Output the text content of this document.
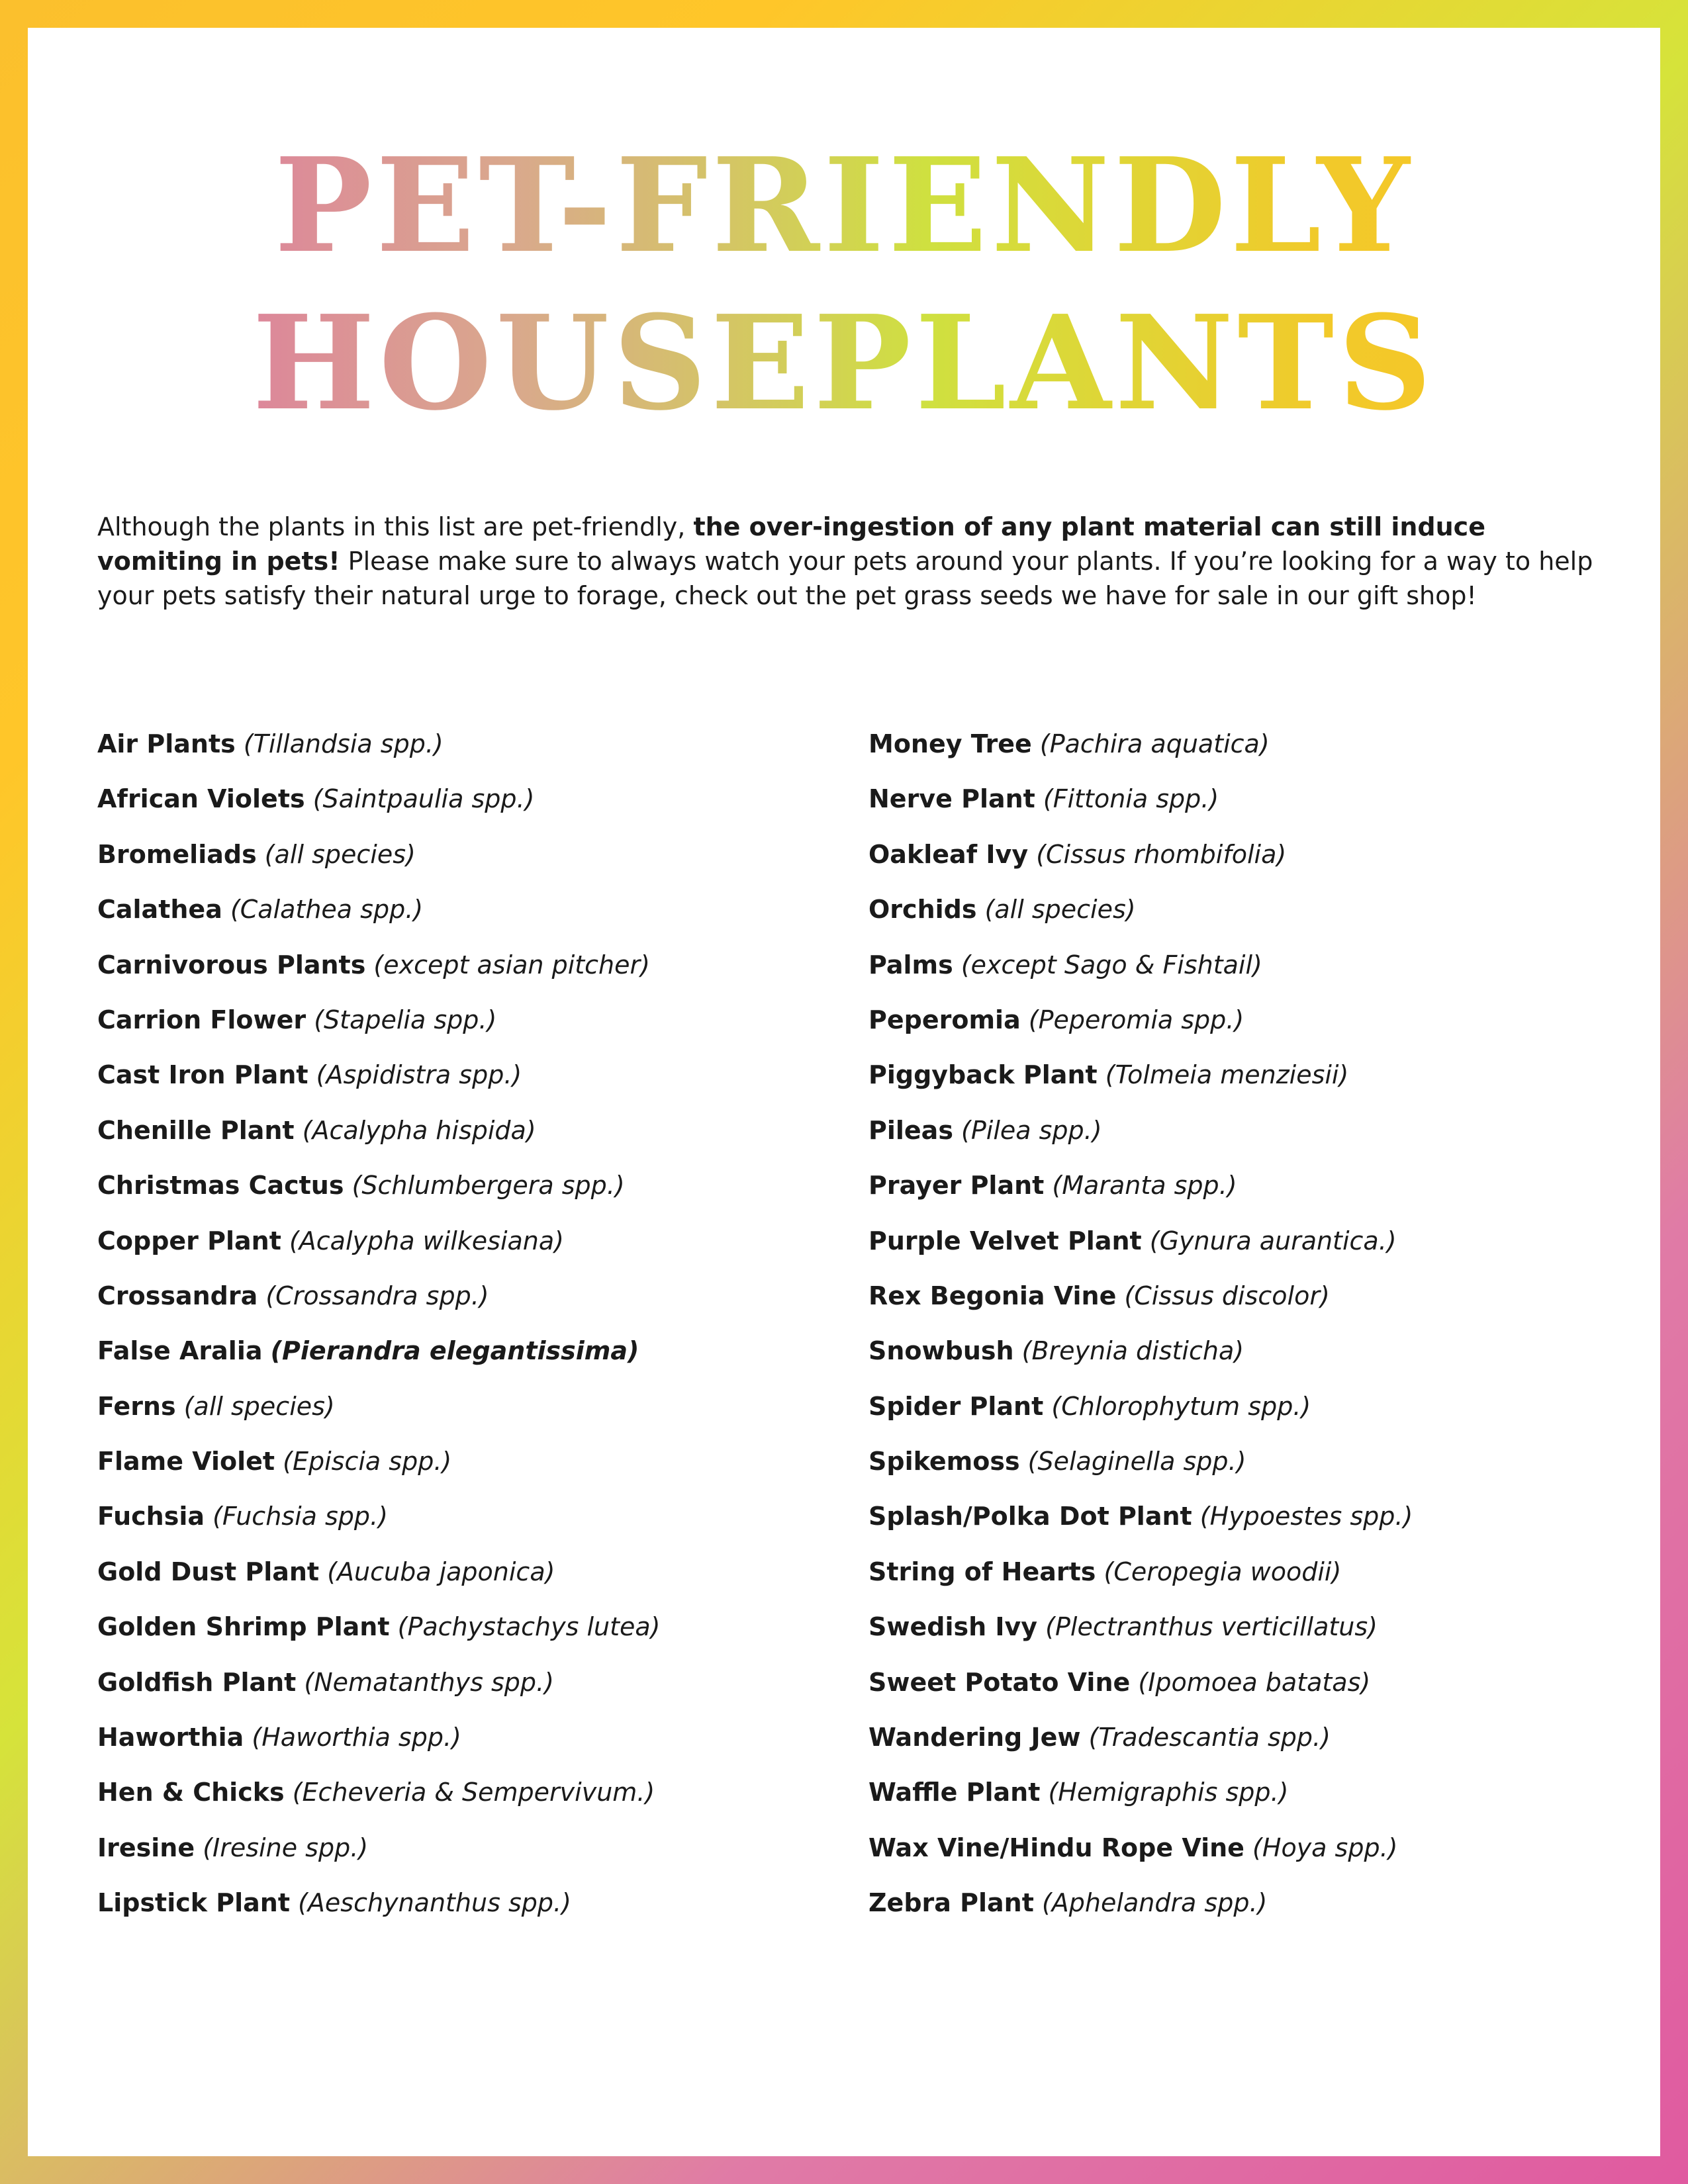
PET-FRIENDLY
HOUSEPLANTS

Although the plants in this list are pet-friendly, the over-ingestion of any plant material can still induce vomiting in pets! Please make sure to always watch your pets around your plants. If you’re looking for a way to help your pets satisfy their natural urge to forage, check out the pet grass seeds we have for sale in our gift shop!

Air Plants (Tillandsia spp.)
African Violets (Saintpaulia spp.)
Bromeliads (all species)
Calathea (Calathea spp.)
Carnivorous Plants (except asian pitcher)
Carrion Flower (Stapelia spp.)
Cast Iron Plant (Aspidistra spp.)
Chenille Plant (Acalypha hispida)
Christmas Cactus (Schlumbergera spp.)
Copper Plant (Acalypha wilkesiana)
Crossandra (Crossandra spp.)
False Aralia (Pierandra elegantissima)
Ferns (all species)
Flame Violet (Episcia spp.)
Fuchsia (Fuchsia spp.)
Gold Dust Plant (Aucuba japonica)
Golden Shrimp Plant (Pachystachys lutea)
Goldfish Plant (Nematanthys spp.)
Haworthia (Haworthia spp.)
Hen & Chicks (Echeveria & Sempervivum.)
Iresine (Iresine spp.)
Lipstick Plant (Aeschynanthus spp.)
Money Tree (Pachira aquatica)
Nerve Plant (Fittonia spp.)
Oakleaf Ivy (Cissus rhombifolia)
Orchids (all species)
Palms (except Sago & Fishtail)
Peperomia (Peperomia spp.)
Piggyback Plant (Tolmeia menziesii)
Pileas (Pilea spp.)
Prayer Plant (Maranta spp.)
Purple Velvet Plant (Gynura aurantica.)
Rex Begonia Vine (Cissus discolor)
Snowbush (Breynia disticha)
Spider Plant (Chlorophytum spp.)
Spikemoss (Selaginella spp.)
Splash/Polka Dot Plant (Hypoestes spp.)
String of Hearts (Ceropegia woodii)
Swedish Ivy (Plectranthus verticillatus)
Sweet Potato Vine (Ipomoea batatas)
Wandering Jew (Tradescantia spp.)
Waffle Plant (Hemigraphis spp.)
Wax Vine/Hindu Rope Vine (Hoya spp.)
Zebra Plant (Aphelandra spp.)
